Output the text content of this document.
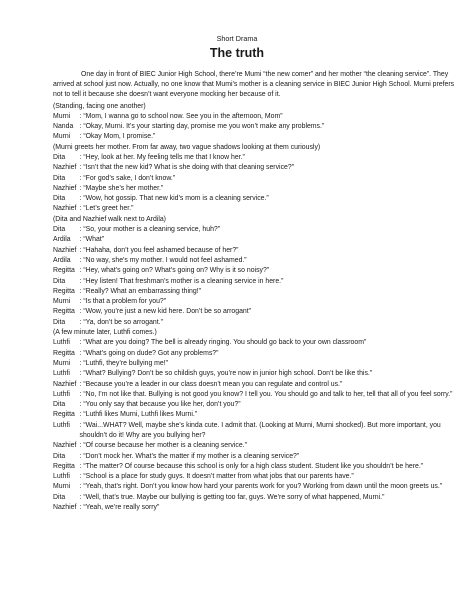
Short Drama
The truth

One day in front of BIEC Junior High School, there’re Mumi “the new comer” and her mother “the cleaning service”. They arrived at school just now. Actually, no one know that Mumi’s mother is a cleaning service in BIEC Junior High School. Murni prefers not to tell it because she doesn’t want everyone mocking her because of it.

(Standing, facing one another)
Murni : “Mom, I wanna go to school now. See you in the afternoon, Mom”
Nanda : “Okay, Murni. It’s your starting day, promise me you won’t make any problems.”
Murni : “Okay Mom, I promise.”
(Murni greets her mother. From far away, two vague shadows looking at them curiously)
Dita : “Hey, look at her. My feeling tells me that I know her.”
Nazhief : “Isn’t that the new kid? What is she doing with that cleaning service?”
Dita : “For god’s sake, I don’t know.”
Nazhief : “Maybe she’s her mother.”
Dita : “Wow, hot gossip. That new kid’s mom is a cleaning service.”
Nazhief : “Let’s greet her.”
(Dita and Nazhief walk next to Ardila)
Dita : “So, your mother is a cleaning service, huh?”
Ardila : “What”
Nazhief : “Hahaha, don’t you feel ashamed because of her?”
Ardila : “No way, she’s my mother. I would not feel ashamed.”
Regitta : “Hey, what’s going on? What’s going on? Why is it so noisy?”
Dita : “Hey listen! That freshman’s mother is a cleaning service in here.”
Regitta : “Really? What an embarrassing thing!”
Murni : “Is that a problem for you?”
Regitta : “Wow, you’re just a new kid here. Don’t be so arrogant”
Dita : “Ya, don’t be so arrogant.”
(A few minute later, Luthfi comes.)
Luthfi : “What are you doing? The bell is already ringing. You should go back to your own classroom”
Regitta : “What’s going on dude? Got any problems?”
Murni : “Luthfi, they’re bullying me!”
Luthfi : “What? Bullying? Don’t be so childish guys, you’re now in junior high school. Don’t be like this.”
Nazhief : “Because you’re a leader in our class doesn’t mean you can regulate and control us.”
Luthfi : “No, I’m not like that. Bullying is not good you know? I tell you. You should go and talk to her, tell that all of you feel sorry.”
Dita : “You only say that because you like her, don’t you?”
Regitta : “Luthfi likes Murni, Luthfi likes Murni.”
Luthfi : “Wai...WHAT? Well, maybe she’s kinda cute. I admit that. (Looking at Murni, Murni shocked). But more important, you shouldn’t do it! Why are you bullying her?
Nazhief : “Of course because her mother is a cleaning service.”
Dita : “Don’t mock her. What’s the matter if my mother is a cleaning service?”
Regitta : “The matter? Of course because this school is only for a high class student. Student like you shouldn’t be here.”
Luthfi : “School is a place for study guys. It doesn’t matter from what jobs that our parents have.”
Murni : “Yeah, that’s right. Don’t you know how hard your parents work for you? Working from dawn until the moon greets us.”
Dita : “Well, that’s true. Maybe our bullying is getting too far, guys. We’re sorry of what happened, Murni.”
Nazhief : “Yeah, we’re really sorry”
